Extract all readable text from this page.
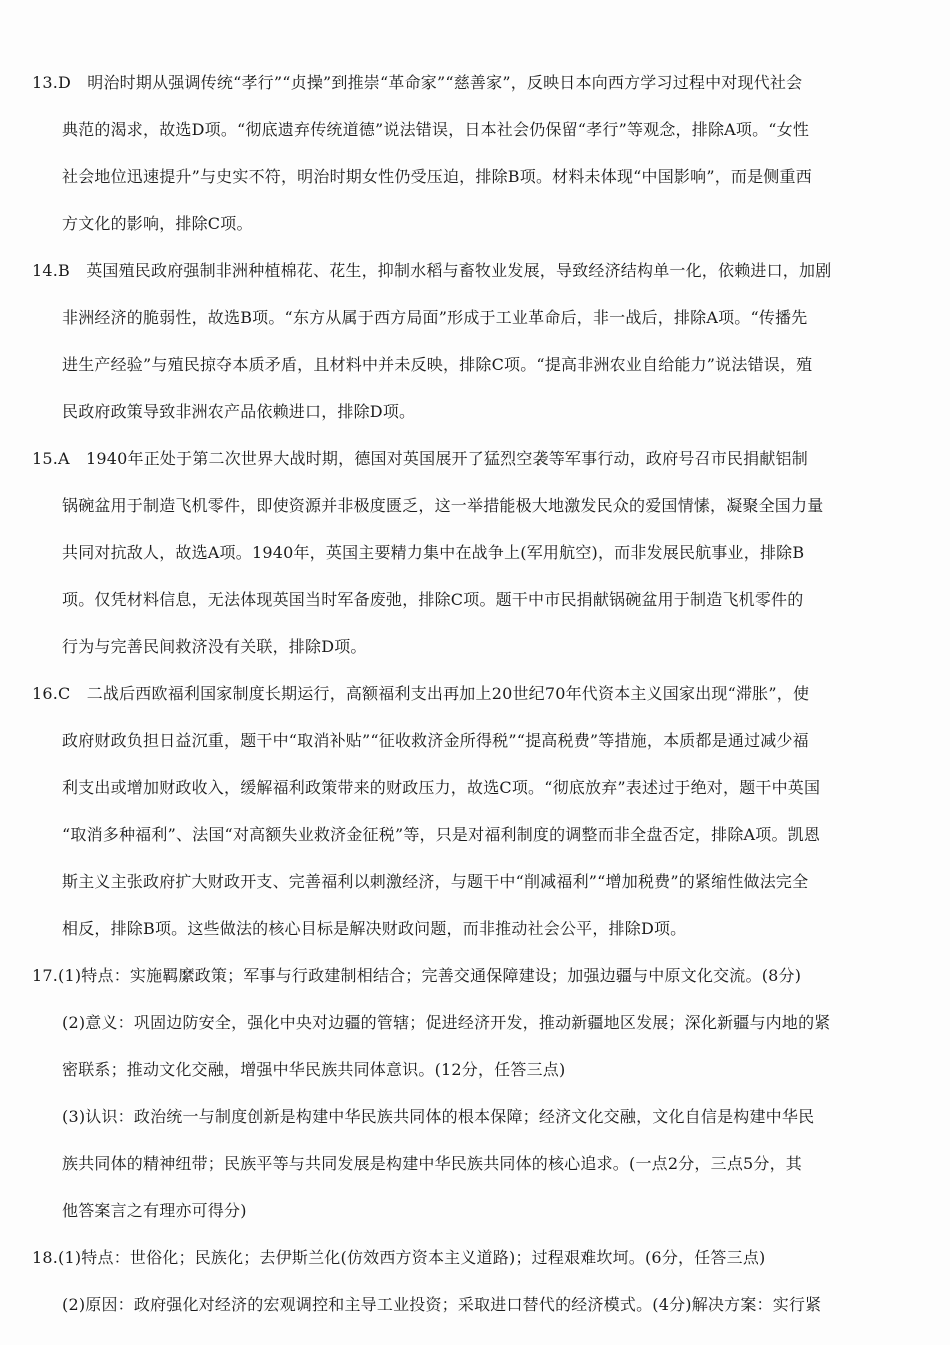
13.D　明治时期从强调传统“孝行”“贞操”到推崇“革命家”“慈善家”，反映日本向西方学习过程中对现代社会
典范的渴求，故选D项。“彻底遗弃传统道德”说法错误，日本社会仍保留“孝行”等观念，排除A项。“女性
社会地位迅速提升”与史实不符，明治时期女性仍受压迫，排除B项。材料未体现“中国影响”，而是侧重西
方文化的影响，排除C项。
14.B　英国殖民政府强制非洲种植棉花、花生，抑制水稻与畜牧业发展，导致经济结构单一化，依赖进口，加剧
非洲经济的脆弱性，故选B项。“东方从属于西方局面”形成于工业革命后，非一战后，排除A项。“传播先
进生产经验”与殖民掠夺本质矛盾，且材料中并未反映，排除C项。“提高非洲农业自给能力”说法错误，殖
民政府政策导致非洲农产品依赖进口，排除D项。
15.A　1940年正处于第二次世界大战时期，德国对英国展开了猛烈空袭等军事行动，政府号召市民捐献铝制
锅碗盆用于制造飞机零件，即使资源并非极度匮乏，这一举措能极大地激发民众的爱国情愫，凝聚全国力量
共同对抗敌人，故选A项。1940年，英国主要精力集中在战争上(军用航空)，而非发展民航事业，排除B
项。仅凭材料信息，无法体现英国当时军备废弛，排除C项。题干中市民捐献锅碗盆用于制造飞机零件的
行为与完善民间救济没有关联，排除D项。
16.C　二战后西欧福利国家制度长期运行，高额福利支出再加上20世纪70年代资本主义国家出现“滞胀”，使
政府财政负担日益沉重，题干中“取消补贴”“征收救济金所得税”“提高税费”等措施，本质都是通过减少福
利支出或增加财政收入，缓解福利政策带来的财政压力，故选C项。“彻底放弃”表述过于绝对，题干中英国
“取消多种福利”、法国“对高额失业救济金征税”等，只是对福利制度的调整而非全盘否定，排除A项。凯恩
斯主义主张政府扩大财政开支、完善福利以刺激经济，与题干中“削减福利”“增加税费”的紧缩性做法完全
相反，排除B项。这些做法的核心目标是解决财政问题，而非推动社会公平，排除D项。
17.(1)特点：实施羁縻政策；军事与行政建制相结合；完善交通保障建设；加强边疆与中原文化交流。(8分)
(2)意义：巩固边防安全，强化中央对边疆的管辖；促进经济开发，推动新疆地区发展；深化新疆与内地的紧
密联系；推动文化交融，增强中华民族共同体意识。(12分，任答三点)
(3)认识：政治统一与制度创新是构建中华民族共同体的根本保障；经济文化交融，文化自信是构建中华民
族共同体的精神纽带；民族平等与共同发展是构建中华民族共同体的核心追求。(一点2分，三点5分，其
他答案言之有理亦可得分)
18.(1)特点：世俗化；民族化；去伊斯兰化(仿效西方资本主义道路)；过程艰难坎坷。(6分，任答三点)
(2)原因：政府强化对经济的宏观调控和主导工业投资；采取进口替代的经济模式。(4分)解决方案：实行紧
